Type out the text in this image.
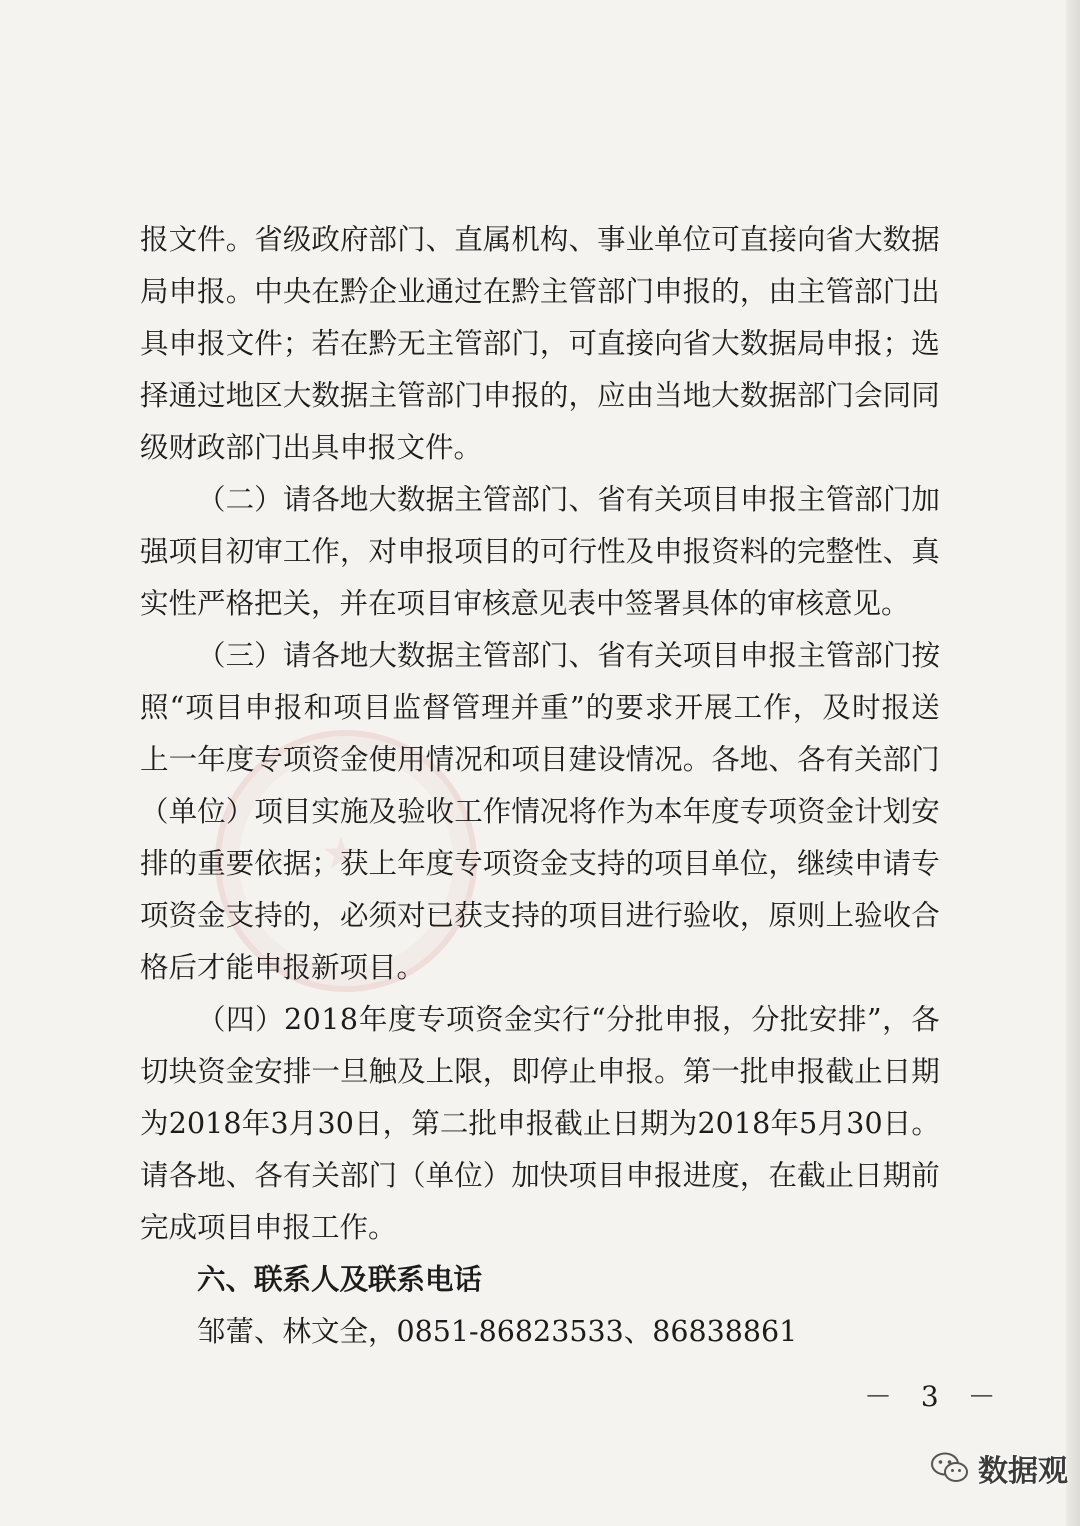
报 文 件 。 省 级 政 府 部 门 、 直 属 机 构 、 事 业 单 位 可 直 接 向 省 大 数 据
局 申 报 。 中 央 在 黔 企 业 通 过 在 黔 主 管 部 门 申 报 的 ， 由 主 管 部 门 出
具 申 报 文 件 ； 若 在 黔 无 主 管 部 门 ， 可 直 接 向 省 大 数 据 局 申 报 ； 选
择 通 过 地 区 大 数 据 主 管 部 门 申 报 的 ， 应 由 当 地 大 数 据 部 门 会 同 同
级财政部门出具申报文件。
（ 二 ） 请 各 地 大 数 据 主 管 部 门 、 省 有 关 项 目 申 报 主 管 部 门 加
强 项 目 初 审 工 作 ， 对 申 报 项 目 的 可 行 性 及 申 报 资 料 的 完 整 性 、 真
实性严格把关，并在项目审核意见表中签署具体的审核意见。
（ 三 ） 请 各 地 大 数 据 主 管 部 门 、 省 有 关 项 目 申 报 主 管 部 门 按
照 “ 项 目 申 报 和 项 目 监 督 管 理 并 重 ” 的 要 求 开 展 工 作 ， 及 时 报 送
上 一 年 度 专 项 资 金 使 用 情 况 和 项 目 建 设 情 况 。 各 地 、 各 有 关 部 门
（ 单 位 ） 项 目 实 施 及 验 收 工 作 情 况 将 作 为 本 年 度 专 项 资 金 计 划 安
排 的 重 要 依 据 ； 获 上 年 度 专 项 资 金 支 持 的 项 目 单 位 ， 继 续 申 请 专
项 资 金 支 持 的 ， 必 须 对 已 获 支 持 的 项 目 进 行 验 收 ， 原 则 上 验 收 合
格后才能申报新项目。
（ 四 ） 2 0 1 8 年 度 专 项 资 金 实 行 “ 分 批 申 报 ， 分 批 安 排 ” ， 各
切 块 资 金 安 排 一 旦 触 及 上 限 ， 即 停 止 申 报 。 第 一 批 申 报 截 止 日 期
为 2 0 1 8 年 3 月 3 0 日 ， 第 二 批 申 报 截 止 日 期 为 2 0 1 8 年 5 月 3 0 日 。
请 各 地 、 各 有 关 部 门 （ 单 位 ） 加 快 项 目 申 报 进 度 ， 在 截 止 日 期 前
完成项目申报工作。
六、联系人及联系电话
邹蕾、林文全，0851-86823533、86838861
－ 3 －
数据观
